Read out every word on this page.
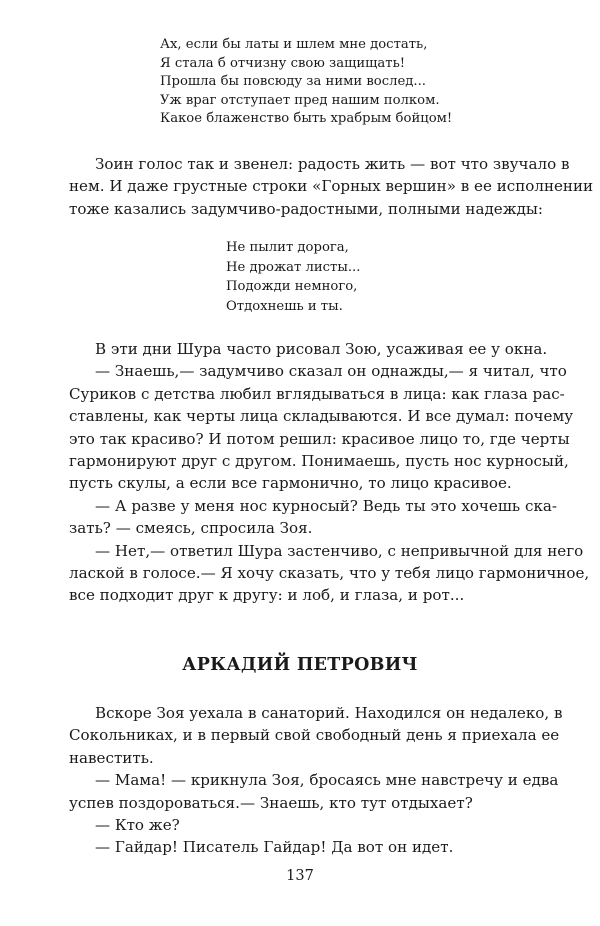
Ах, если бы латы и шлем мне достать,
Я стала б отчизну свою защищать!
Прошла бы повсюду за ними вослед...
Уж враг отступает пред нашим полком.
Какое блаженство быть храбрым бойцом!
Зоин голос так и звенел: радость жить — вот что звучало в
нем. И даже грустные строки «Горных вершин» в ее исполнении
тоже казались задумчиво-радостными, полными надежды:
Не пылит дорога,
Не дрожат листы...
Подожди немного,
Отдохнешь и ты.
В эти дни Шура часто рисовал Зою, усаживая ее у окна.
— Знаешь,— задумчиво сказал он однажды,— я читал, что
Суриков с детства любил вглядываться в лица: как глаза рас-
ставлены, как черты лица складываются. И все думал: почему
это так красиво? И потом решил: красивое лицо то, где черты
гармонируют друг с другом. Понимаешь, пусть нос курносый,
пусть скулы, а если все гармонично, то лицо красивое.
— А разве у меня нос курносый? Ведь ты это хочешь ска-
зать? — смеясь, спросила Зоя.
— Нет,— ответил Шура застенчиво, с непривычной для него
лаской в голосе.— Я хочу сказать, что у тебя лицо гармоничное,
все подходит друг к другу: и лоб, и глаза, и рот...
АРКАДИЙ ПЕТРОВИЧ
Вскоре Зоя уехала в санаторий. Находился он недалеко, в
Сокольниках, и в первый свой свободный день я приехала ее
навестить.
— Мама! — крикнула Зоя, бросаясь мне навстречу и едва
успев поздороваться.— Знаешь, кто тут отдыхает?
— Кто же?
— Гайдар! Писатель Гайдар! Да вот он идет.
137
